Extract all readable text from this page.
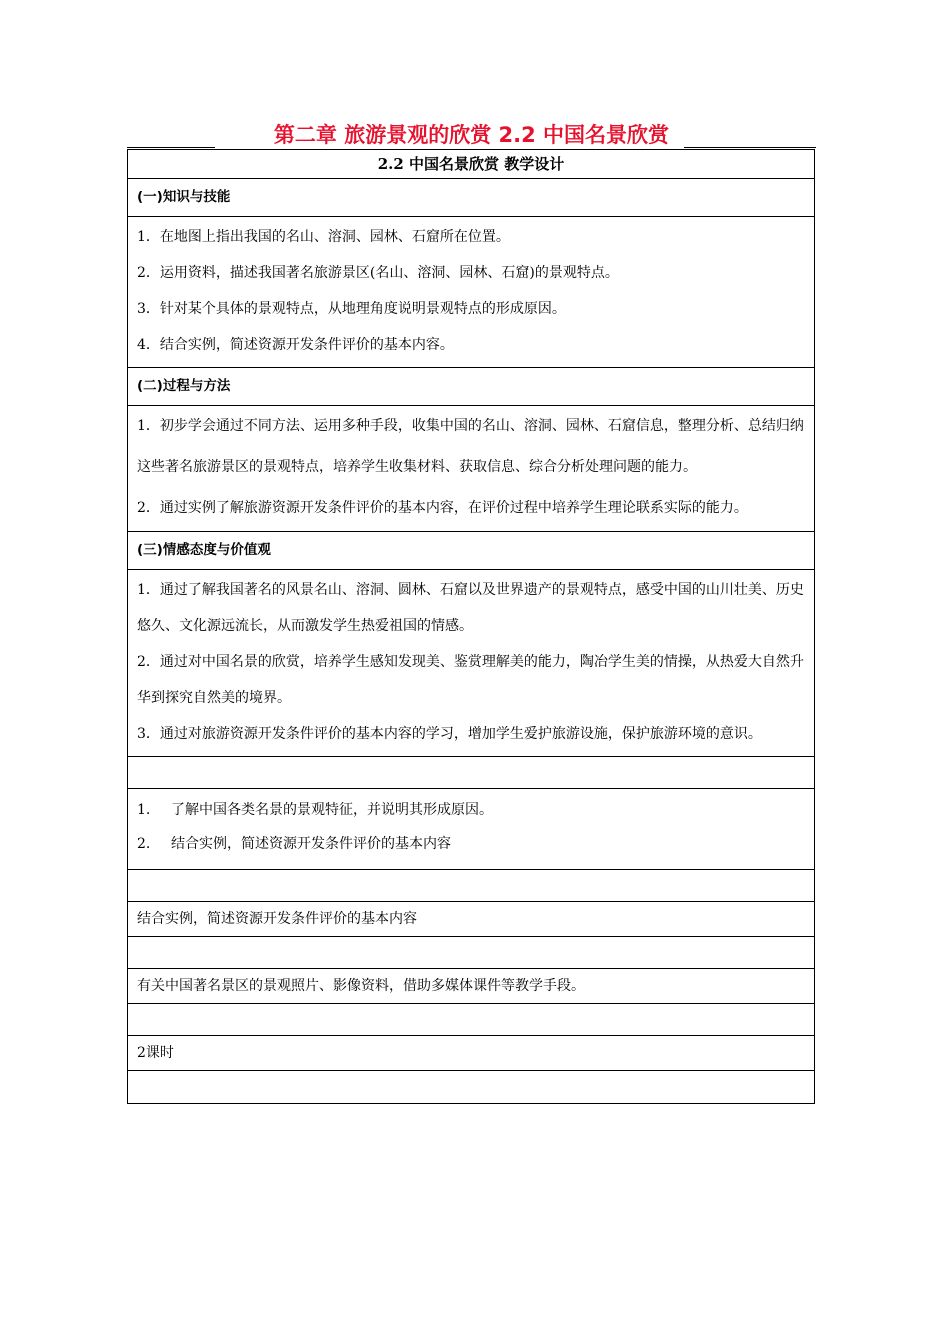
第二章 旅游景观的欣赏 2.2 中国名景欣赏
2.2 中国名景欣赏 教学设计
(一)知识与技能

1．在地图上指出我国的名山、溶洞、园林、石窟所在位置。

2．运用资料，描述我国著名旅游景区(名山、溶洞、园林、石窟)的景观特点。

3．针对某个具体的景观特点，从地理角度说明景观特点的形成原因。

4．结合实例，简述资源开发条件评价的基本内容。

(二)过程与方法

1．初步学会通过不同方法、运用多种手段，收集中国的名山、溶洞、园林、石窟信息，整理分析、总结归纳这些著名旅游景区的景观特点，培养学生收集材料、获取信息、综合分析处理问题的能力。

2．通过实例了解旅游资源开发条件评价的基本内容，在评价过程中培养学生理论联系实际的能力。

(三)情感态度与价值观

1．通过了解我国著名的风景名山、溶洞、圆林、石窟以及世界遗产的景观特点，感受中国的山川壮美、历史悠久、文化源远流长，从而激发学生热爱祖国的情感。

2．通过对中国名景的欣赏，培养学生感知发现美、鉴赏理解美的能力，陶冶学生美的情操，从热爱大自然升华到探究自然美的境界。

3．通过对旅游资源开发条件评价的基本内容的学习，增加学生爱护旅游设施，保护旅游环境的意识。

1. 了解中国各类名景的景观特征，并说明其形成原因。

2. 结合实例，简述资源开发条件评价的基本内容

结合实例，简述资源开发条件评价的基本内容

有关中国著名景区的景观照片、影像资料，借助多媒体课件等教学手段。

2课时
